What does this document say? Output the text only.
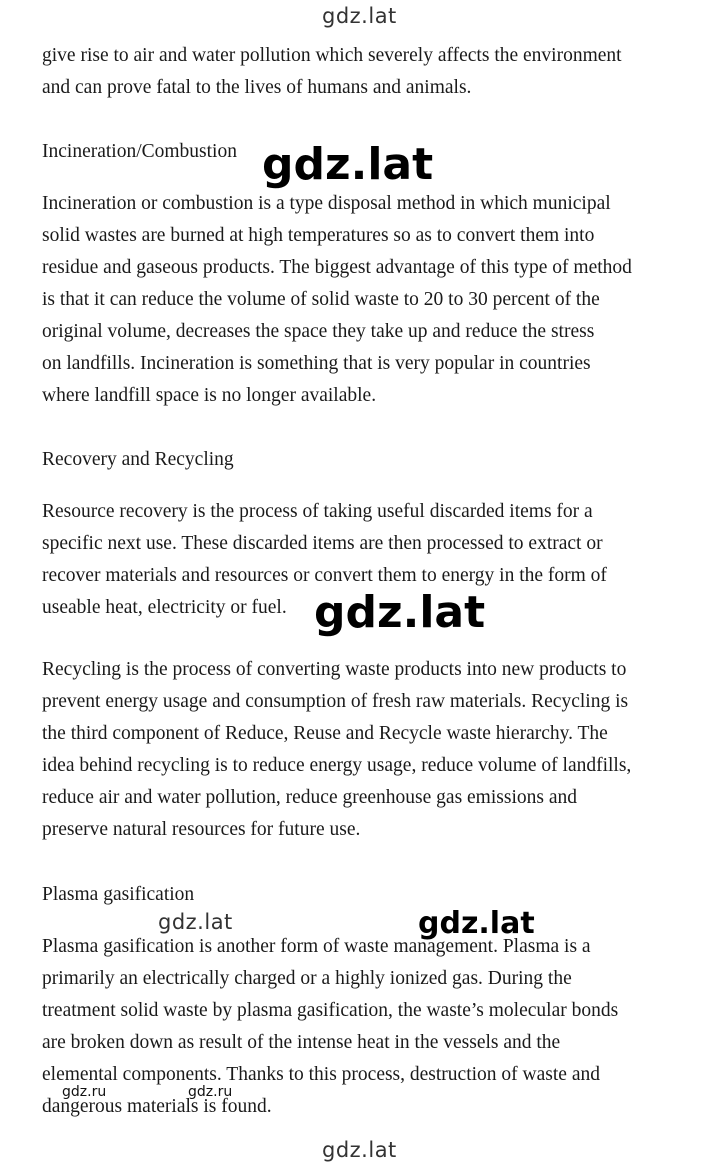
gdz.lat
gdz.lat
gdz.lat
gdz.lat	gdz.lat
gdz.ru	gdz.ru
gdz.lat
give rise to air and water pollution which severely affects the environment
and can prove fatal to the lives of humans and animals.
Incineration/Combustion
Incineration or combustion is a type disposal method in which municipal
solid wastes are burned at high temperatures so as to convert them into
residue and gaseous products. The biggest advantage of this type of method
is that it can reduce the volume of solid waste to 20 to 30 percent of the
original volume, decreases the space they take up and reduce the stress
on landfills. Incineration is something that is very popular in countries
where landfill space is no longer available.
Recovery and Recycling
Resource recovery is the process of taking useful discarded items for a
specific next use. These discarded items are then processed to extract or
recover materials and resources or convert them to energy in the form of
useable heat, electricity or fuel.
Recycling is the process of converting waste products into new products to
prevent energy usage and consumption of fresh raw materials. Recycling is
the third component of Reduce, Reuse and Recycle waste hierarchy. The
idea behind recycling is to reduce energy usage, reduce volume of landfills,
reduce air and water pollution, reduce greenhouse gas emissions and
preserve natural resources for future use.
Plasma gasification
Plasma gasification is another form of waste management. Plasma is a
primarily an electrically charged or a highly ionized gas. During the
treatment solid waste by plasma gasification, the waste’s molecular bonds
are broken down as result of the intense heat in the vessels and the
elemental components. Thanks to this process, destruction of waste and
dangerous materials is found.
